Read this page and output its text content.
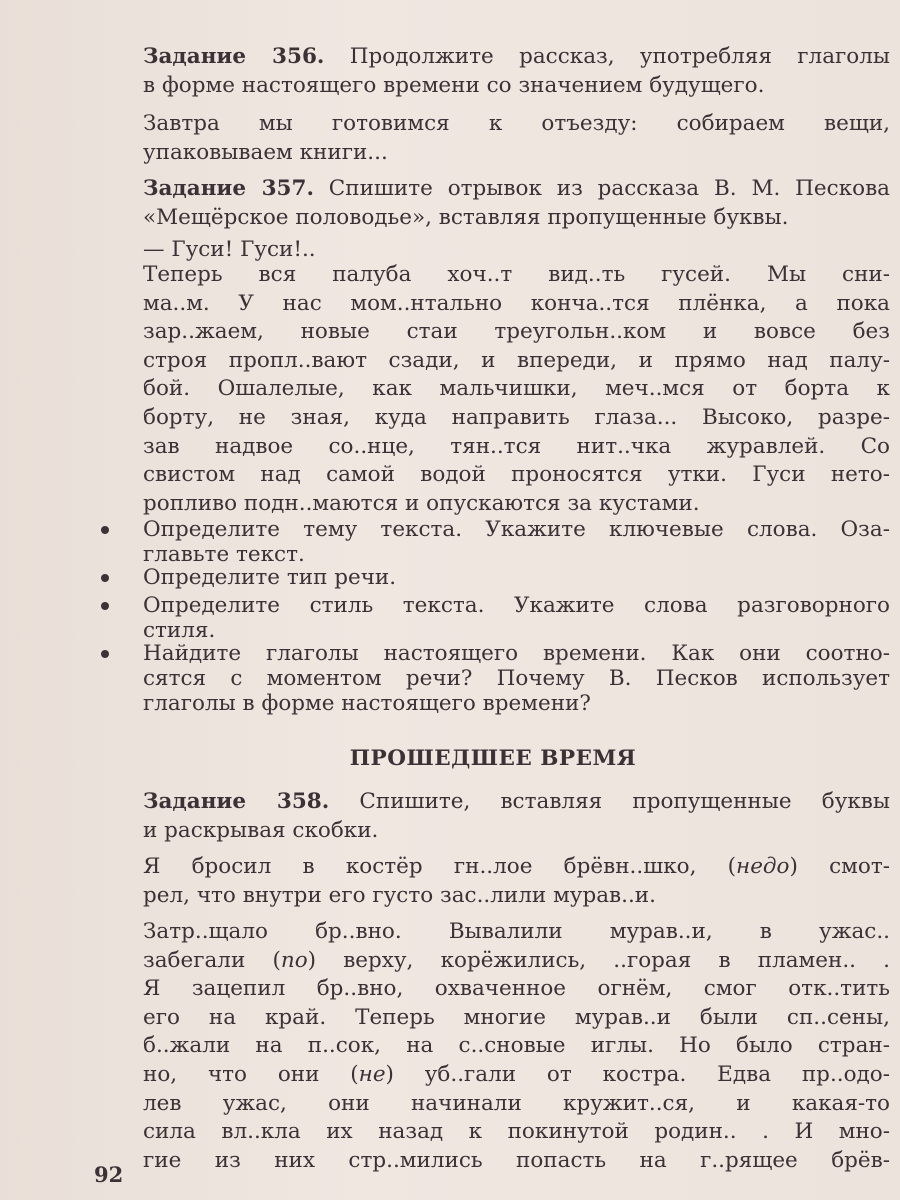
Задание 356. Продолжите рассказ, употребляя глаголы
в форме настоящего времени со значением будущего.
Завтра мы готовимся к отъезду: собираем вещи,
упаковываем книги...
Задание 357. Спишите отрывок из рассказа В. М. Пескова
«Мещёрское половодье», вставляя пропущенные буквы.
— Гуси! Гуси!..
Теперь вся палуба хоч..т вид..ть гусей. Мы сни-
ма..м. У нас мом..нтально конча..тся плёнка, а пока
зар..жаем, новые стаи треугольн..ком и вовсе без
строя пропл..вают сзади, и впереди, и прямо над палу-
бой. Ошалелые, как мальчишки, меч..мся от борта к
борту, не зная, куда направить глаза... Высоко, разре-
зав надвое со..нце, тян..тся нит..чка журавлей. Со
свистом над самой водой проносятся утки. Гуси нето-
ропливо подн..маются и опускаются за кустами.
Определите тему текста. Укажите ключевые слова. Оза-
главьте текст.
Определите тип речи.
Определите стиль текста. Укажите слова разговорного
стиля.
Найдите глаголы настоящего времени. Как они соотно-
сятся с моментом речи? Почему В. Песков использует
глаголы в форме настоящего времени?
Задание 358. Спишите, вставляя пропущенные буквы
и раскрывая скобки.
Я бросил в костёр гн..лое брёвн..шко, (недо) смот-
рел, что внутри его густо зас..лили мурав..и.
Затр..щало бр..вно. Вывалили мурав..и, в ужас..
забегали (по) верху, корёжились, ..горая в пламен.. .
Я зацепил бр..вно, охваченное огнём, смог отк..тить
его на край. Теперь многие мурав..и были сп..сены,
б..жали на п..сок, на с..сновые иглы. Но было стран-
но, что они (не) уб..гали от костра. Едва пр..одо-
лев ужас, они начинали кружит..ся, и какая-то
сила вл..кла их назад к покинутой родин.. . И мно-
гие из них стр..мились попасть на г..рящее брёв-
ПРОШЕДШЕЕ ВРЕМЯ
92
